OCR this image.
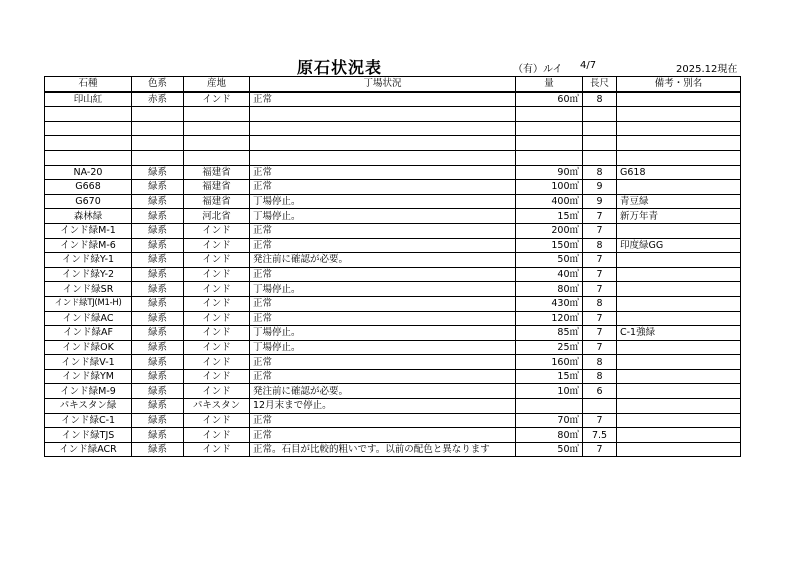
原石状況表	（有）ルイ 4/7	2025.12現在
石種	色系	産地	丁場状況	量	長尺	備考・別名
印山紅	赤系	インド	正常	60㎥	8	

NA-20	緑系	福建省	正常	90㎥	8	G618
G668	緑系	福建省	正常	100㎥	9	
G670	緑系	福建省	丁場停止。	400㎥	9	青豆緑
森林緑	緑系	河北省	丁場停止。	15㎥	7	新万年青
インド緑M-1	緑系	インド	正常	200㎥	7	
インド緑M-6	緑系	インド	正常	150㎥	8	印度緑GG
インド緑Y-1	緑系	インド	発注前に確認が必要。	50㎥	7	
インド緑Y-2	緑系	インド	正常	40㎥	7	
インド緑SR	緑系	インド	丁場停止。	80㎥	7	
インド緑TJ(M1-H)	緑系	インド	正常	430㎥	8	
インド緑AC	緑系	インド	正常	120㎥	7	
インド緑AF	緑系	インド	丁場停止。	85㎥	7	C-1強緑
インド緑OK	緑系	インド	丁場停止。	25㎥	7	
インド緑V-1	緑系	インド	正常	160㎥	8	
インド緑YM	緑系	インド	正常	15㎥	8	
インド緑M-9	緑系	インド	発注前に確認が必要。	10㎥	6	
パキスタン緑	緑系	パキスタン	12月末まで停止。			
インド緑C-1	緑系	インド	正常	70㎥	7	
インド緑TJS	緑系	インド	正常	80㎥	7.5	
インド緑ACR	緑系	インド	正常。石目が比較的粗いです。以前の配色と異なります	50㎥	7	
